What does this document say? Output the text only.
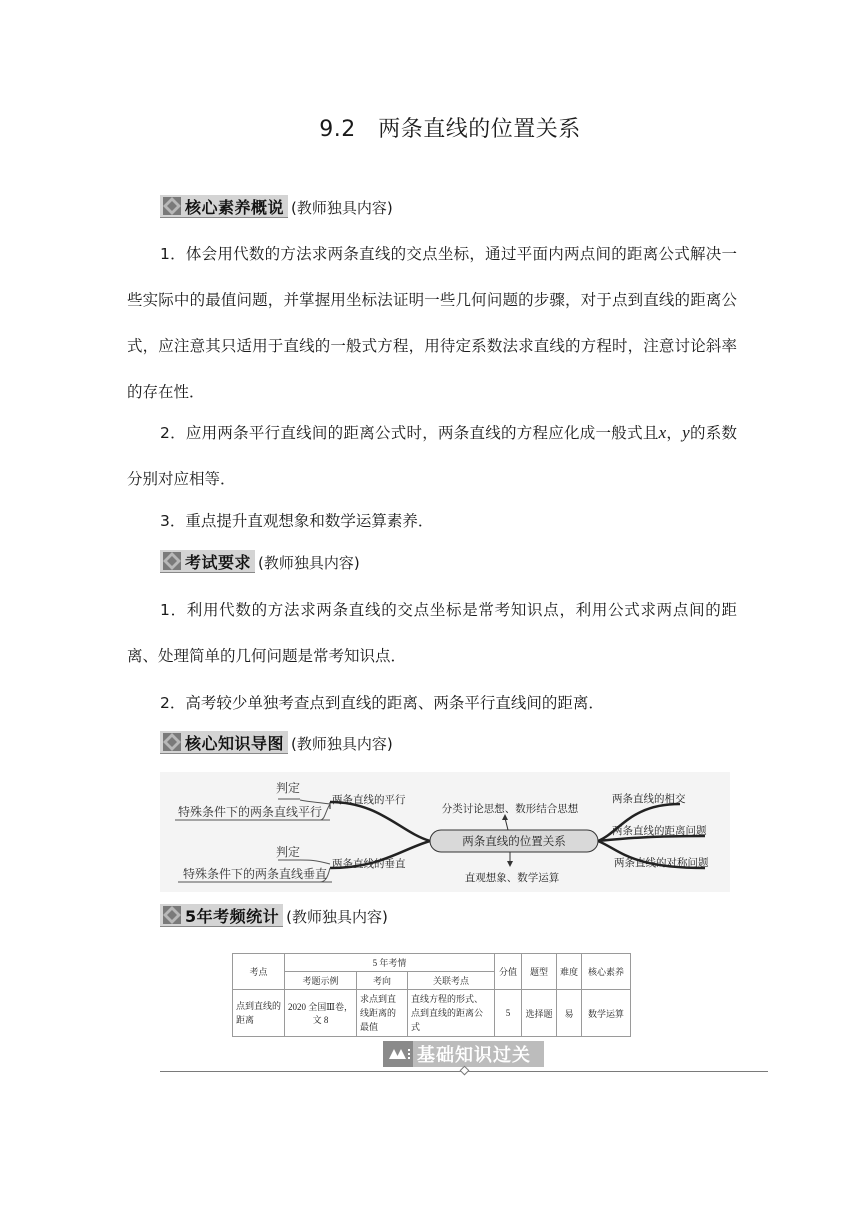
9.2　两条直线的位置关系
核心素养概说 (教师独具内容)
1．体会用代数的方法求两条直线的交点坐标，通过平面内两点间的距离公式解决一些实际中的最值问题，并掌握用坐标法证明一些几何问题的步骤，对于点到直线的距离公式，应注意其只适用于直线的一般式方程，用待定系数法求直线的方程时，注意讨论斜率的存在性．
2．应用两条平行直线间的距离公式时，两条直线的方程应化成一般式且x，y的系数分别对应相等．
3．重点提升直观想象和数学运算素养．
考试要求 (教师独具内容)
1．利用代数的方法求两条直线的交点坐标是常考知识点，利用公式求两点间的距离、处理简单的几何问题是常考知识点．
2．高考较少单独考查点到直线的距离、两条平行直线间的距离．
核心知识导图 (教师独具内容)
两条直线的位置关系
分类讨论思想、数形结合思想
直观想象、数学运算
两条直线的平行
两条直线的垂直
判定
特殊条件下的两条直线平行
判定
特殊条件下的两条直线垂直
两条直线的相交
两条直线的距离问题
两条直线的对称问题
5年考频统计 (教师独具内容)
考点	5 年考情			分值	题型	难度	核心素养
	考题示例	考向	关联考点				
点到直线的距离	2020 全国Ⅲ卷，文 8	求点到直线距离的最值	直线方程的形式、点到直线的距离公式	5	选择题	易	数学运算
基础知识过关
